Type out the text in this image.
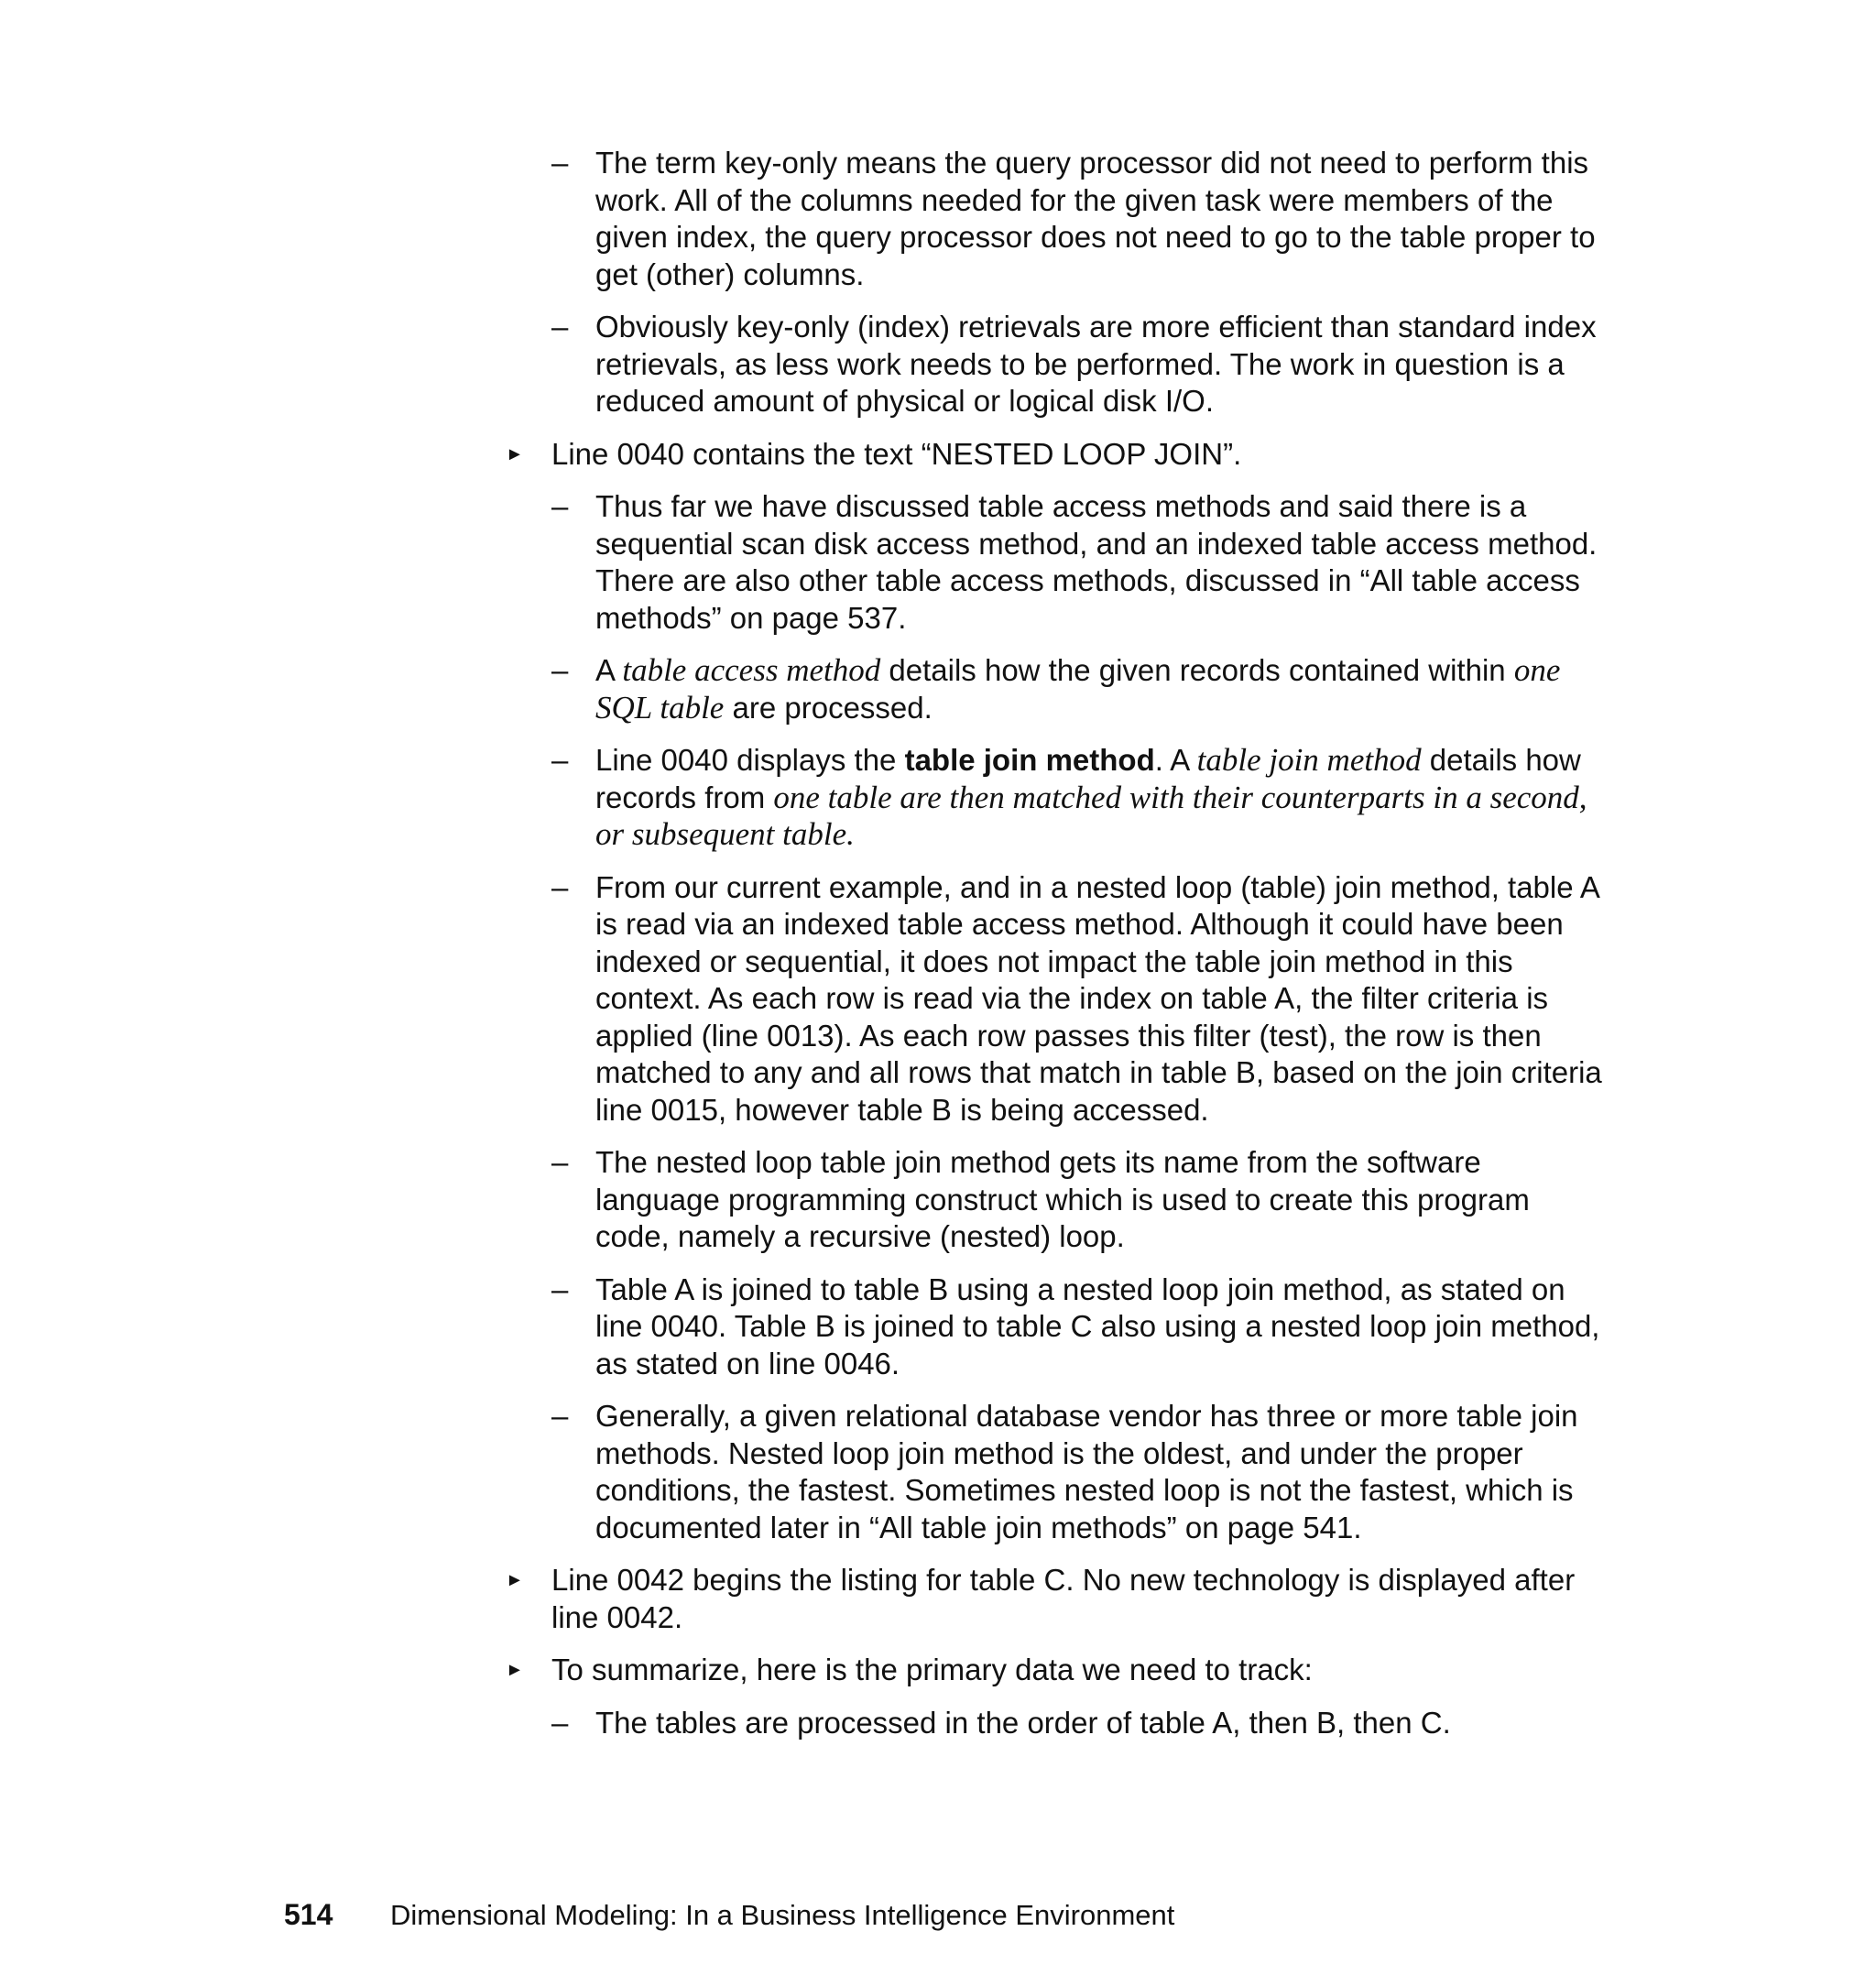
– The term key-only means the query processor did not need to perform this work. All of the columns needed for the given task were members of the given index, the query processor does not need to go to the table proper to get (other) columns.
– Obviously key-only (index) retrievals are more efficient than standard index retrievals, as less work needs to be performed. The work in question is a reduced amount of physical or logical disk I/O.
► Line 0040 contains the text “NESTED LOOP JOIN”.
– Thus far we have discussed table access methods and said there is a sequential scan disk access method, and an indexed table access method. There are also other table access methods, discussed in “All table access methods” on page 537.
– A table access method details how the given records contained within one SQL table are processed.
– Line 0040 displays the table join method. A table join method details how records from one table are then matched with their counterparts in a second, or subsequent table.
– From our current example, and in a nested loop (table) join method, table A is read via an indexed table access method. Although it could have been indexed or sequential, it does not impact the table join method in this context. As each row is read via the index on table A, the filter criteria is applied (line 0013). As each row passes this filter (test), the row is then matched to any and all rows that match in table B, based on the join criteria line 0015, however table B is being accessed.
– The nested loop table join method gets its name from the software language programming construct which is used to create this program code, namely a recursive (nested) loop.
– Table A is joined to table B using a nested loop join method, as stated on line 0040. Table B is joined to table C also using a nested loop join method, as stated on line 0046.
– Generally, a given relational database vendor has three or more table join methods. Nested loop join method is the oldest, and under the proper conditions, the fastest. Sometimes nested loop is not the fastest, which is documented later in “All table join methods” on page 541.
► Line 0042 begins the listing for table C. No new technology is displayed after line 0042.
► To summarize, here is the primary data we need to track:
– The tables are processed in the order of table A, then B, then C.
514 Dimensional Modeling: In a Business Intelligence Environment
